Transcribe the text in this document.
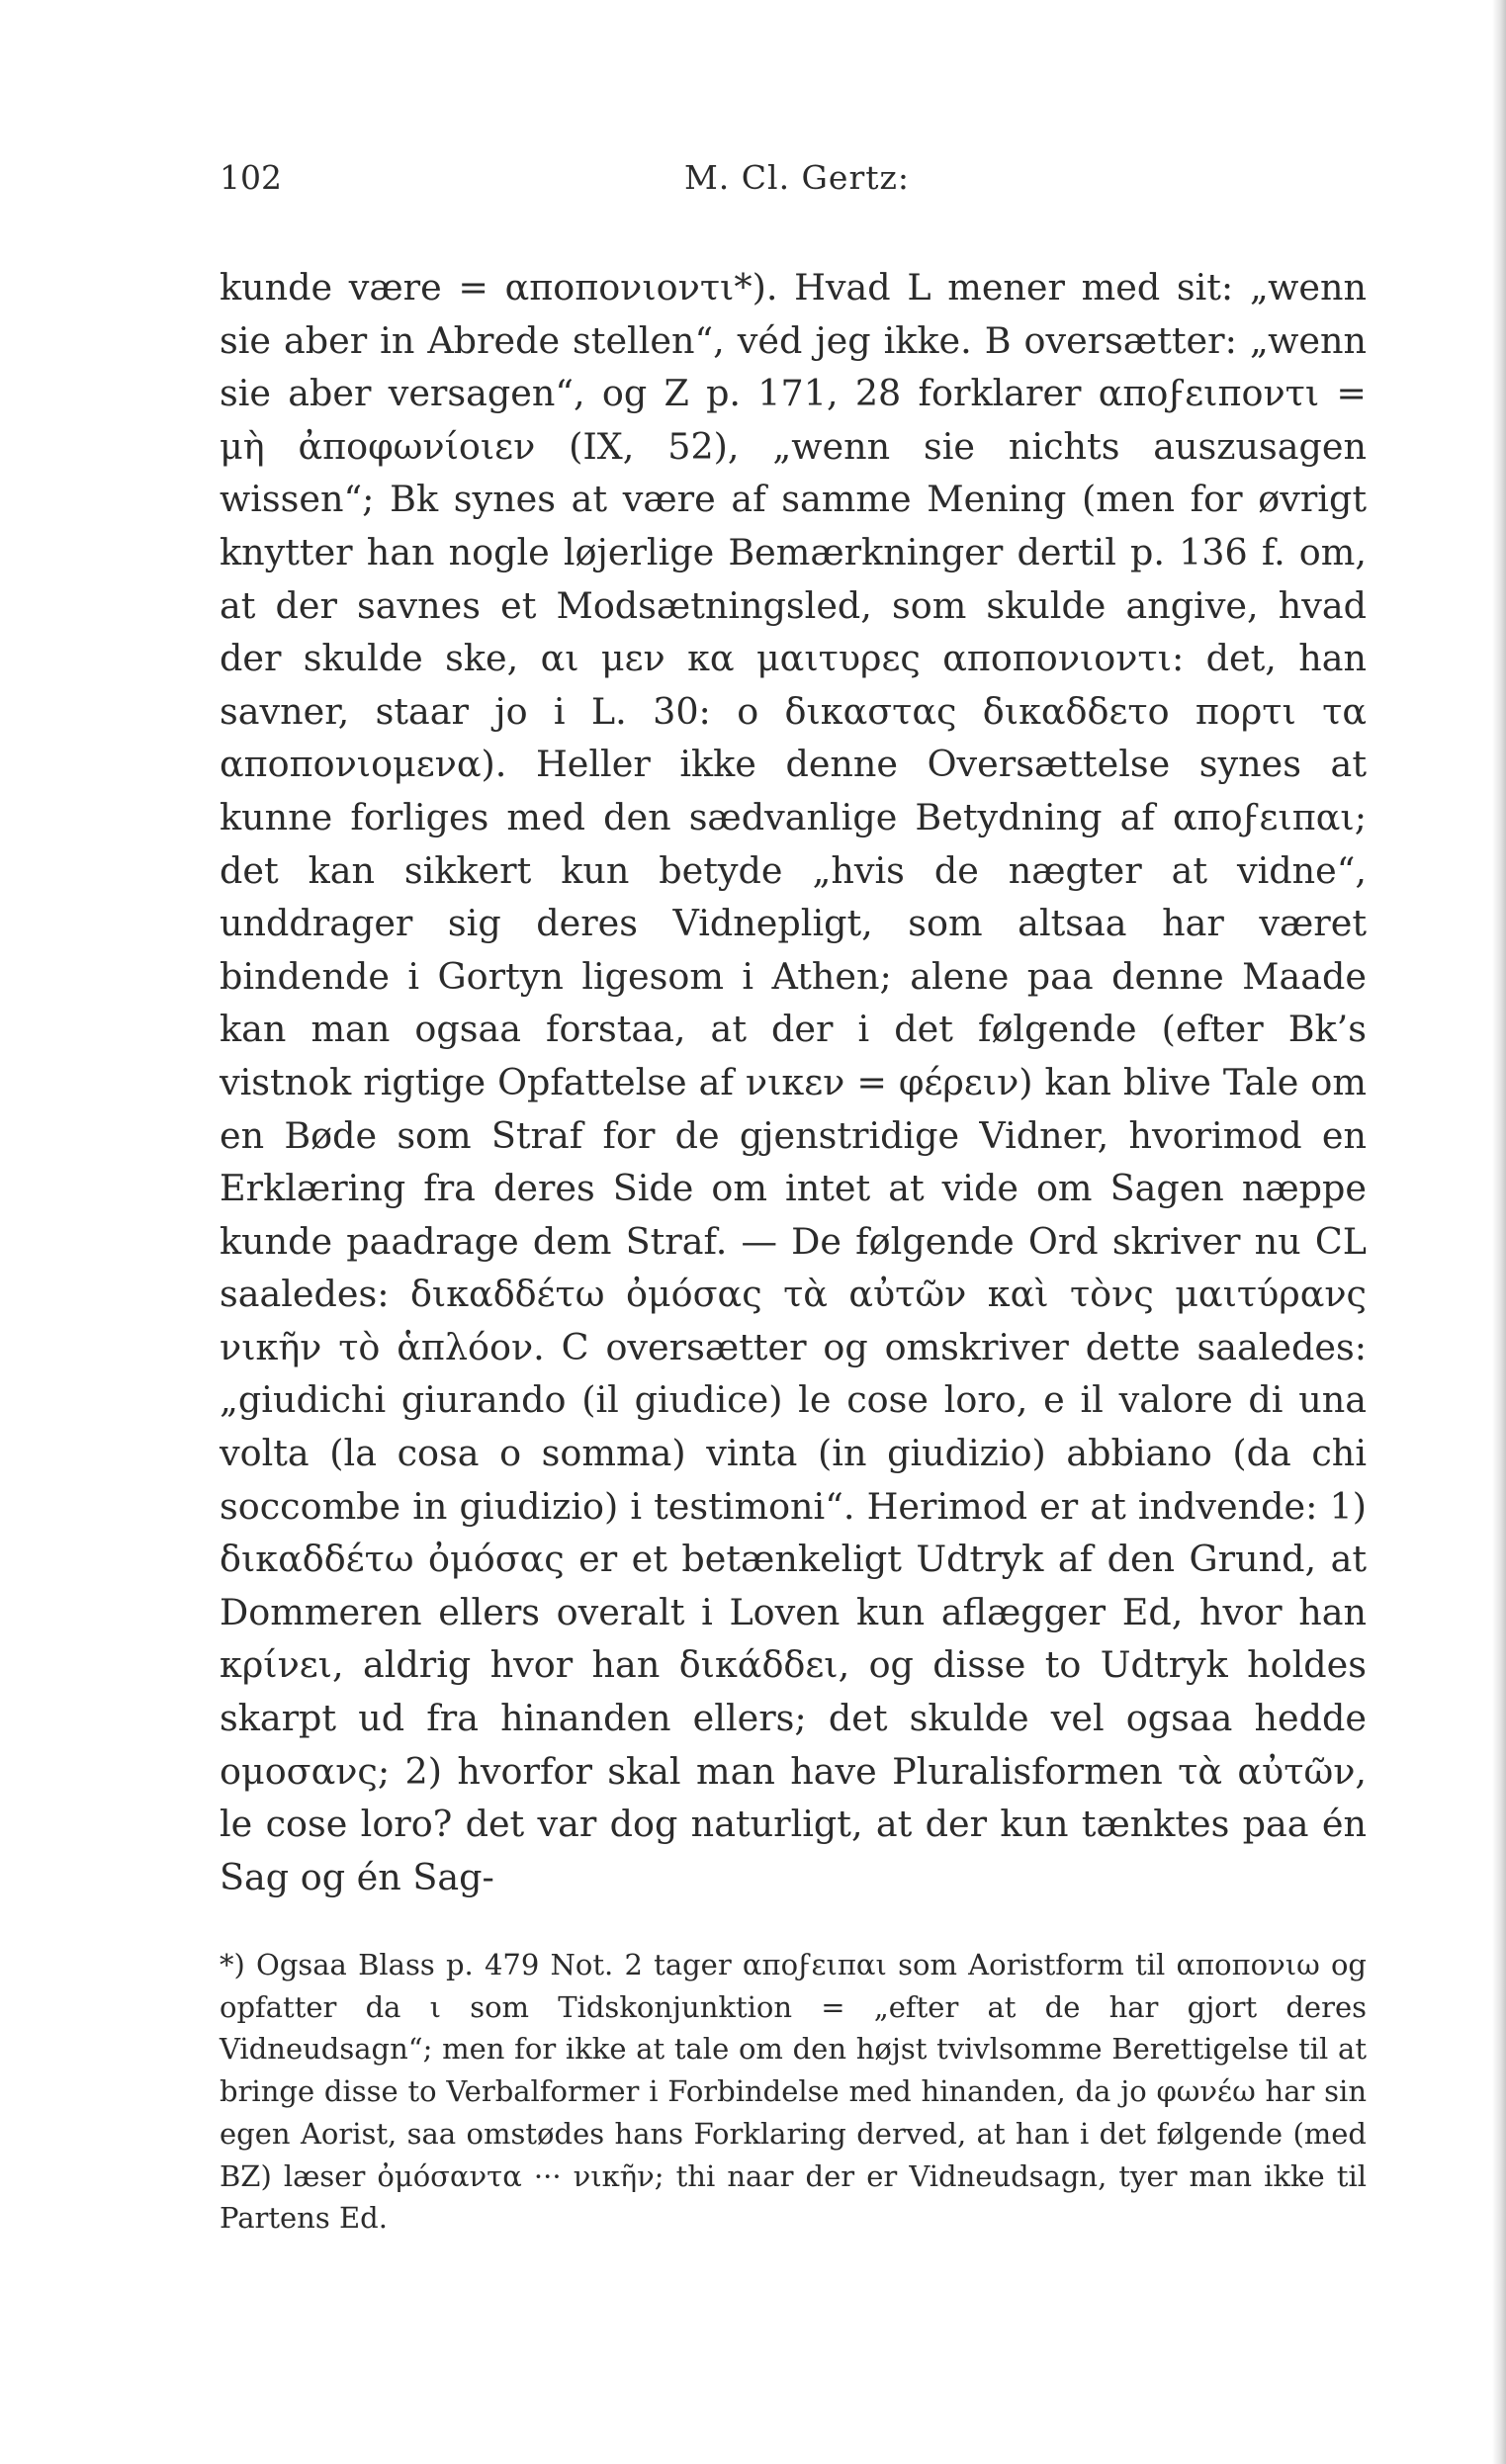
102	M. Cl. Gertz:

kunde være = αποπονιοντι*). Hvad L mener med sit: „wenn sie aber in Abrede stellen“, véd jeg ikke. B oversætter: „wenn sie aber versagen“, og Z p. 171, 28 forklarer αποϝειποντι = μὴ ἀποφωνίοιεν (IX, 52), „wenn sie nichts auszusagen wissen“; Bk synes at være af samme Mening (men for øvrigt knytter han nogle løjerlige Bemærkninger dertil p. 136 f. om, at der savnes et Modsætningsled, som skulde angive, hvad der skulde ske, αι μεν κα μαιτυρες αποπονιοντι: det, han savner, staar jo i L. 30: ο δικαστας δικαδδετο πορτι τα αποπονιομενα). Heller ikke denne Oversættelse synes at kunne forliges med den sædvanlige Betydning af αποϝειπαι; det kan sikkert kun betyde „hvis de nægter at vidne“, unddrager sig deres Vidnepligt, som altsaa har været bindende i Gortyn ligesom i Athen; alene paa denne Maade kan man ogsaa forstaa, at der i det følgende (efter Bk’s vistnok rigtige Opfattelse af νικεν = φέρειν) kan blive Tale om en Bøde som Straf for de gjenstridige Vidner, hvorimod en Erklæring fra deres Side om intet at vide om Sagen næppe kunde paadrage dem Straf. — De følgende Ord skriver nu CL saaledes: δικαδδέτω ὀμόσας τὰ αὐτῶν καὶ τὸνς μαιτύρανς νικῆν τὸ ἁπλόον. C oversætter og omskriver dette saaledes: „giudichi giurando (il giudice) le cose loro, e il valore di una volta (la cosa o somma) vinta (in giudizio) abbiano (da chi soccombe in giudizio) i testimoni“. Herimod er at indvende: 1) δικαδδέτω ὀμόσας er et betænkeligt Udtryk af den Grund, at Dommeren ellers overalt i Loven kun aflægger Ed, hvor han κρίνει, aldrig hvor han δικάδδει, og disse to Udtryk holdes skarpt ud fra hinanden ellers; det skulde vel ogsaa hedde ομοσανς; 2) hvorfor skal man have Pluralisformen τὰ αὐτῶν, le cose loro? det var dog naturligt, at der kun tænktes paa én Sag og én Sag-

*) Ogsaa Blass p. 479 Not. 2 tager αποϝειπαι som Aoristform til αποπονιω og opfatter da ι som Tidskonjunktion = „efter at de har gjort deres Vidneudsagn“; men for ikke at tale om den højst tvivlsomme Berettigelse til at bringe disse to Verbalformer i Forbindelse med hinanden, da jo φωνέω har sin egen Aorist, saa omstødes hans Forklaring derved, at han i det følgende (med BZ) læser ὀμόσαντα ··· νικῆν; thi naar der er Vidneudsagn, tyer man ikke til Partens Ed.
